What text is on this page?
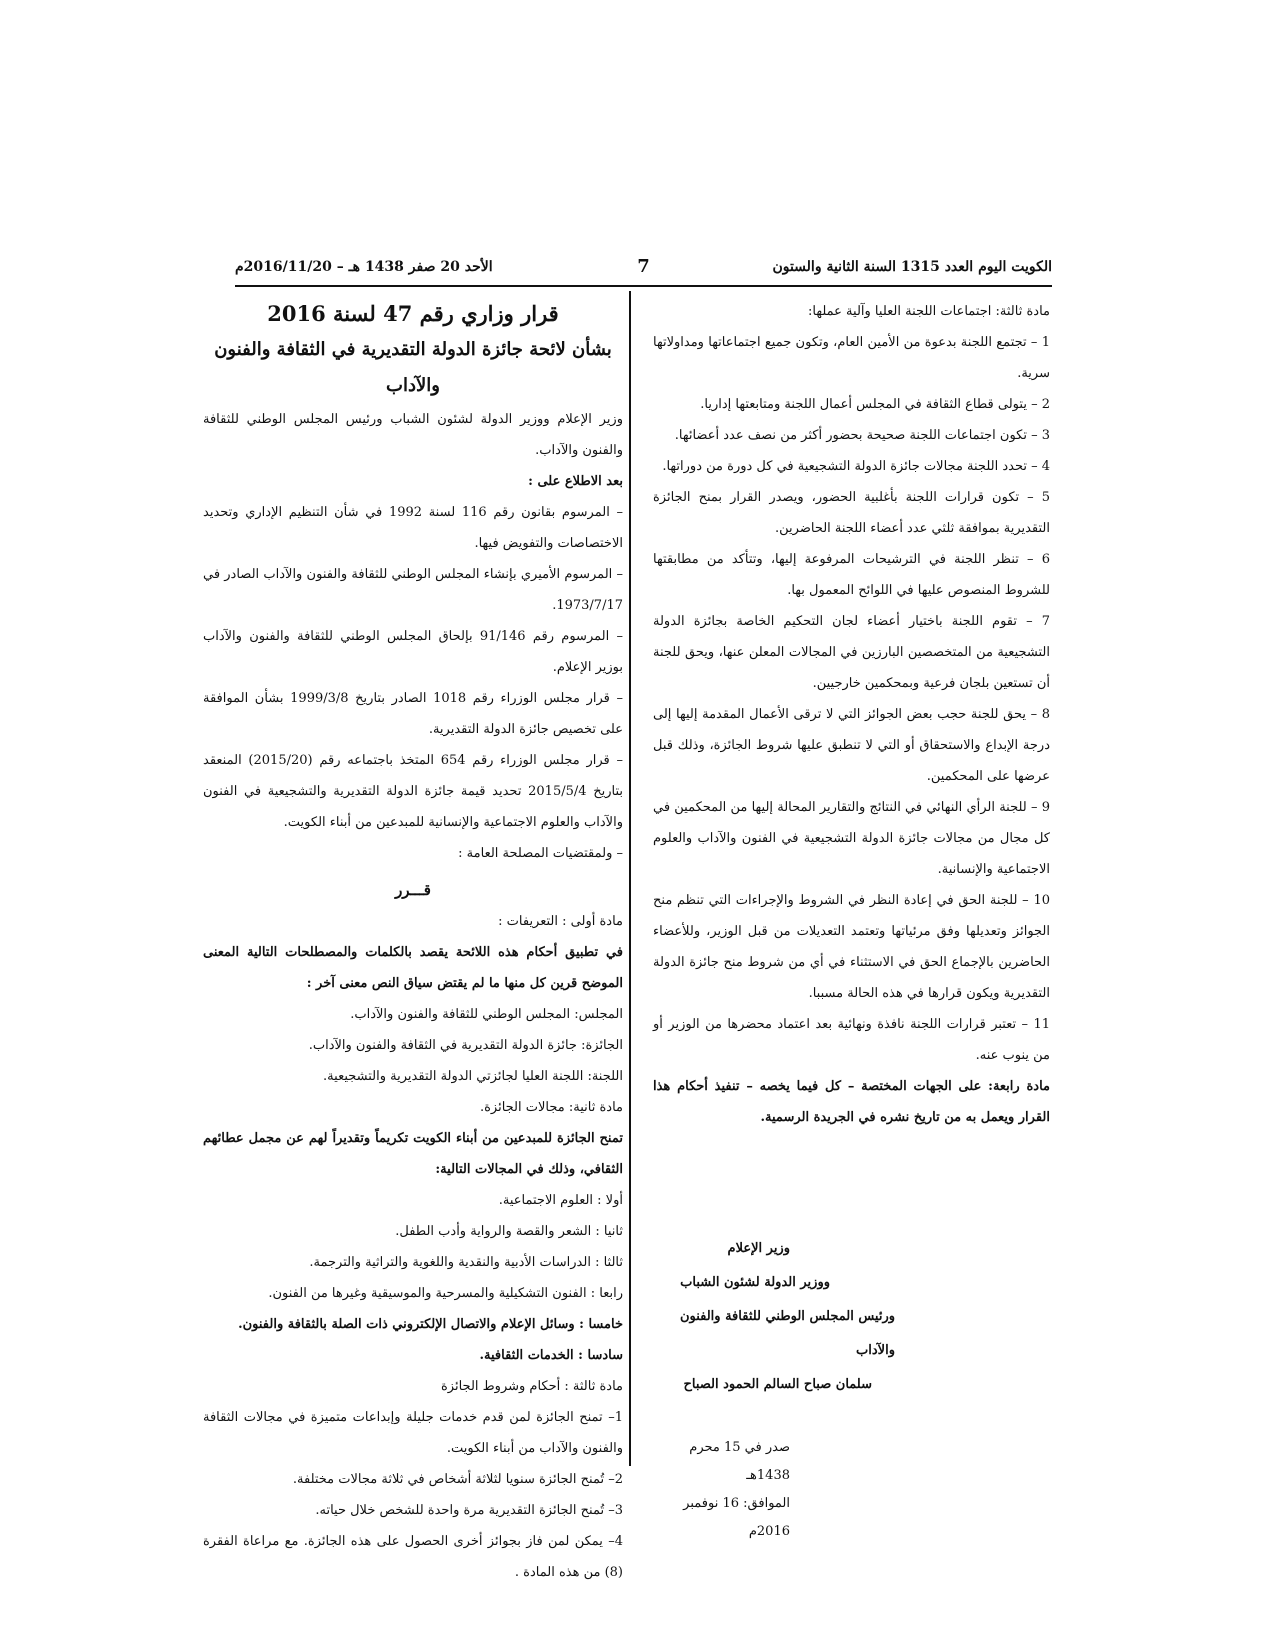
الكويت اليوم العدد 1315 السنة الثانية والستون
7
الأحد 20 صفر 1438 هـ – 2016/11/20م

مادة ثالثة: اجتماعات اللجنة العليا وآلية عملها:

1 – تجتمع اللجنة بدعوة من الأمين العام، وتكون جميع اجتماعاتها ومداولاتها سرية.

2 – يتولى قطاع الثقافة في المجلس أعمال اللجنة ومتابعتها إداريا.

3 – تكون اجتماعات اللجنة صحيحة بحضور أكثر من نصف عدد أعضائها.

4 – تحدد اللجنة مجالات جائزة الدولة التشجيعية في كل دورة من دوراتها.

5 – تكون قرارات اللجنة بأغلبية الحضور، ويصدر القرار بمنح الجائزة التقديرية بموافقة ثلثي عدد أعضاء اللجنة الحاضرين.

6 – تنظر اللجنة في الترشيحات المرفوعة إليها، وتتأكد من مطابقتها للشروط المنصوص عليها في اللوائح المعمول بها.

7 – تقوم اللجنة باختيار أعضاء لجان التحكيم الخاصة بجائزة الدولة التشجيعية من المتخصصين البارزين في المجالات المعلن عنها، ويحق للجنة أن تستعين بلجان فرعية وبمحكمين خارجيين.

8 – يحق للجنة حجب بعض الجوائز التي لا ترقى الأعمال المقدمة إليها إلى درجة الإبداع والاستحقاق أو التي لا تنطبق عليها شروط الجائزة، وذلك قبل عرضها على المحكمين.

9 – للجنة الرأي النهائي في النتائج والتقارير المحالة إليها من المحكمين في كل مجال من مجالات جائزة الدولة التشجيعية في الفنون والآداب والعلوم الاجتماعية والإنسانية.

10 – للجنة الحق في إعادة النظر في الشروط والإجراءات التي تنظم منح الجوائز وتعديلها وفق مرئياتها وتعتمد التعديلات من قبل الوزير، وللأعضاء الحاضرين بالإجماع الحق في الاستثناء في أي من شروط منح جائزة الدولة التقديرية ويكون قرارها في هذه الحالة مسببا.

11 – تعتبر قرارات اللجنة نافذة ونهائية بعد اعتماد محضرها من الوزير أو من ينوب عنه.

مادة رابعة: على الجهات المختصة – كل فيما يخصه – تنفيذ أحكام هذا القرار ويعمل به من تاريخ نشره في الجريدة الرسمية.

وزير الإعلام

ووزير الدولة لشئون الشباب

ورئيس المجلس الوطني للثقافة والفنون والآداب

سلمان صباح السالم الحمود الصباح

صدر في 15 محرم 1438هـ

الموافق: 16 نوفمبر 2016م

قرار وزاري رقم 47 لسنة 2016

بشأن لائحة جائزة الدولة التقديرية في الثقافة والفنون والآداب

وزير الإعلام ووزير الدولة لشئون الشباب ورئيس المجلس الوطني للثقافة والفنون والآداب.

بعد الاطلاع على :

– المرسوم بقانون رقم 116 لسنة 1992 في شأن التنظيم الإداري وتحديد الاختصاصات والتفويض فيها.

– المرسوم الأميري بإنشاء المجلس الوطني للثقافة والفنون والآداب الصادر في 1973/7/17.

– المرسوم رقم 91/146 بإلحاق المجلس الوطني للثقافة والفنون والآداب بوزير الإعلام.

– قرار مجلس الوزراء رقم 1018 الصادر بتاريخ 1999/3/8 بشأن الموافقة على تخصيص جائزة الدولة التقديرية.

– قرار مجلس الوزراء رقم 654 المتخذ باجتماعه رقم (2015/20) المنعقد بتاريخ 2015/5/4 تحديد قيمة جائزة الدولة التقديرية والتشجيعية في الفنون والآداب والعلوم الاجتماعية والإنسانية للمبدعين من أبناء الكويت.

– ولمقتضيات المصلحة العامة :

قـــرر

مادة أولى : التعريفات :

في تطبيق أحكام هذه اللائحة يقصد بالكلمات والمصطلحات التالية المعنى الموضح قرين كل منها ما لم يقتض سياق النص معنى آخر :

المجلس: المجلس الوطني للثقافة والفنون والآداب.

الجائزة: جائزة الدولة التقديرية في الثقافة والفنون والآداب.

اللجنة: اللجنة العليا لجائزتي الدولة التقديرية والتشجيعية.

مادة ثانية: مجالات الجائزة.

تمنح الجائزة للمبدعين من أبناء الكويت تكريماً وتقديراً لهم عن مجمل عطائهم الثقافي، وذلك في المجالات التالية:

أولا : العلوم الاجتماعية.

ثانيا : الشعر والقصة والرواية وأدب الطفل.

ثالثا : الدراسات الأدبية والنقدية واللغوية والتراثية والترجمة.

رابعا : الفنون التشكيلية والمسرحية والموسيقية وغيرها من الفنون.

خامسا : وسائل الإعلام والاتصال الإلكتروني ذات الصلة بالثقافة والفنون.

سادسا : الخدمات الثقافية.

مادة ثالثة : أحكام وشروط الجائزة

1– تمنح الجائزة لمن قدم خدمات جليلة وإبداعات متميزة في مجالات الثقافة والفنون والآداب من أبناء الكويت.

2– تُمنح الجائزة سنويا لثلاثة أشخاص في ثلاثة مجالات مختلفة.

3– تُمنح الجائزة التقديرية مرة واحدة للشخص خلال حياته.

4– يمكن لمن فاز بجوائز أخرى الحصول على هذه الجائزة. مع مراعاة الفقرة (8) من هذه المادة .
